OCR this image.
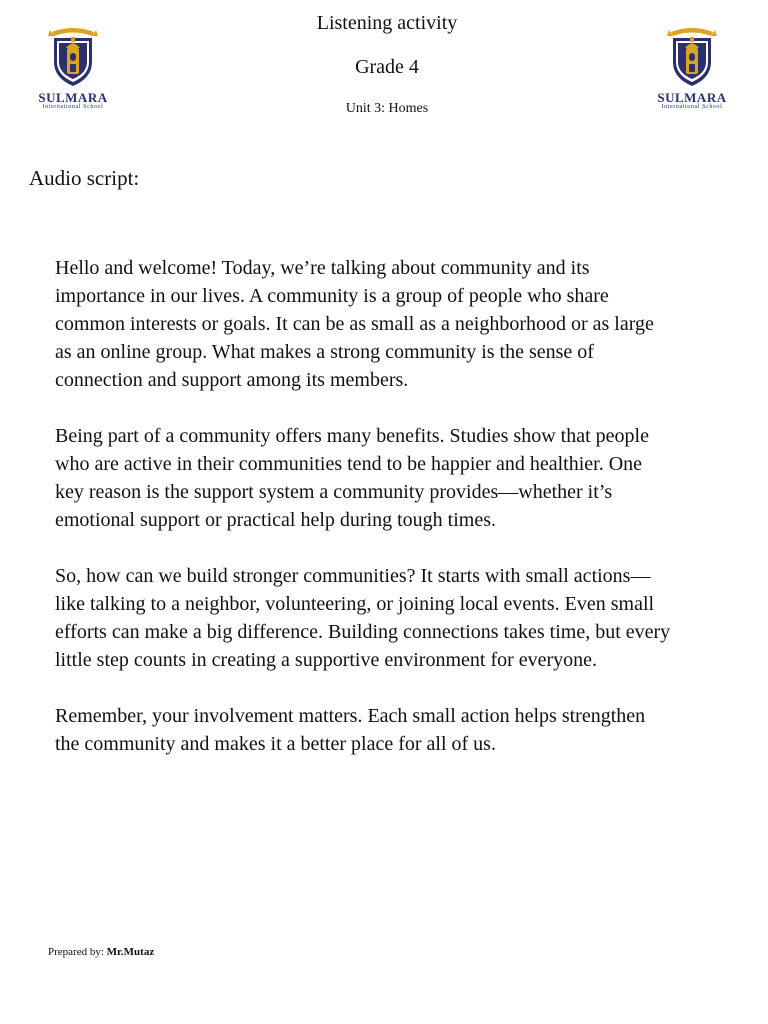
SULMARA
International School
SULMARA
International School
Listening activity
Grade 4
Unit 3: Homes
Audio script:

Hello and welcome! Today, we’re talking about community and its
importance in our lives. A community is a group of people who share
common interests or goals. It can be as small as a neighborhood or as large
as an online group. What makes a strong community is the sense of
connection and support among its members.

Being part of a community offers many benefits. Studies show that people
who are active in their communities tend to be happier and healthier. One
key reason is the support system a community provides—whether it’s
emotional support or practical help during tough times.

So, how can we build stronger communities? It starts with small actions—
like talking to a neighbor, volunteering, or joining local events. Even small
efforts can make a big difference. Building connections takes time, but every
little step counts in creating a supportive environment for everyone.

Remember, your involvement matters. Each small action helps strengthen
the community and makes it a better place for all of us.

Prepared by: Mr.Mutaz
